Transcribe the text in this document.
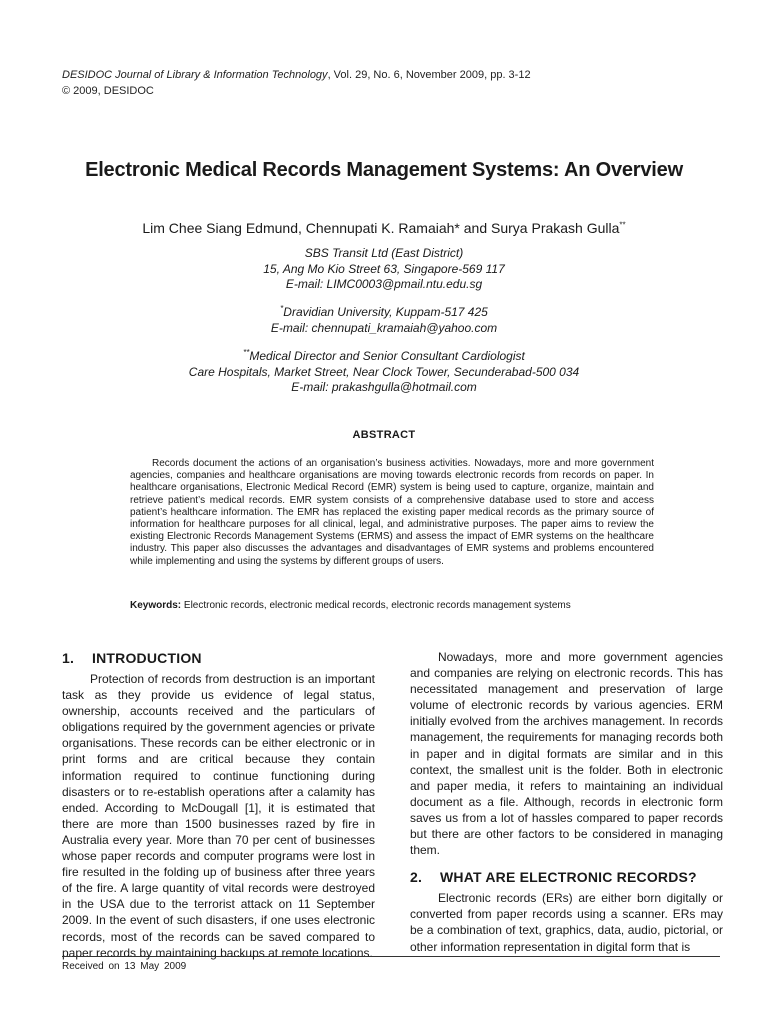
DESIDOC Journal of Library & Information Technology, Vol. 29, No. 6, November 2009, pp. 3-12
© 2009, DESIDOC
Electronic Medical Records Management Systems: An Overview
Lim Chee Siang Edmund, Chennupati K. Ramaiah* and Surya Prakash Gulla**
SBS Transit Ltd (East District)
15, Ang Mo Kio Street 63, Singapore-569 117
E-mail: LIMC0003@pmail.ntu.edu.sg
*Dravidian University, Kuppam-517 425
E-mail: chennupati_kramaiah@yahoo.com
**Medical Director and Senior Consultant Cardiologist
Care Hospitals, Market Street, Near Clock Tower, Secunderabad-500 034
E-mail: prakashgulla@hotmail.com
ABSTRACT
Records document the actions of an organisation’s business activities. Nowadays, more and more government agencies, companies and healthcare organisations are moving towards electronic records from records on paper. In healthcare organisations, Electronic Medical Record (EMR) system is being used to capture, organize, maintain and retrieve patient’s medical records. EMR system consists of a comprehensive database used to store and access patient’s healthcare information. The EMR has replaced the existing paper medical records as the primary source of information for healthcare purposes for all clinical, legal, and administrative purposes. The paper aims to review the existing Electronic Records Management Systems (ERMS) and assess the impact of EMR systems on the healthcare industry. This paper also discusses the advantages and disadvantages of EMR systems and problems encountered while implementing and using the systems by different groups of users.
Keywords: Electronic records, electronic medical records, electronic records management systems
1.	INTRODUCTION

Protection of records from destruction is an important task as they provide us evidence of legal status, ownership, accounts received and the particulars of obligations required by the government agencies or private organisations. These records can be either electronic or in print forms and are critical because they contain information required to continue functioning during disasters or to re-establish operations after a calamity has ended. According to McDougall [1], it is estimated that there are more than 1500 businesses razed by fire in Australia every year. More than 70 per cent of businesses whose paper records and computer programs were lost in fire resulted in the folding up of business after three years of the fire. A large quantity of vital records were destroyed in the USA due to the terrorist attack on 11 September 2009. In the event of such disasters, if one uses electronic records, most of the records can be saved compared to paper records by maintaining backups at remote locations.

Nowadays, more and more government agencies and companies are relying on electronic records. This has necessitated management and preservation of large volume of electronic records by various agencies. ERM initially evolved from the archives management. In records management, the requirements for managing records both in paper and in digital formats are similar and in this context, the smallest unit is the folder. Both in electronic and paper media, it refers to maintaining an individual document as a file. Although, records in electronic form saves us from a lot of hassles compared to paper records but there are other factors to be considered in managing them.

2.	WHAT ARE ELECTRONIC RECORDS?

Electronic records (ERs) are either born digitally or converted from paper records using a scanner. ERs may be a combination of text, graphics, data, audio, pictorial, or other information representation in digital form that is

Received on 13 May 2009
